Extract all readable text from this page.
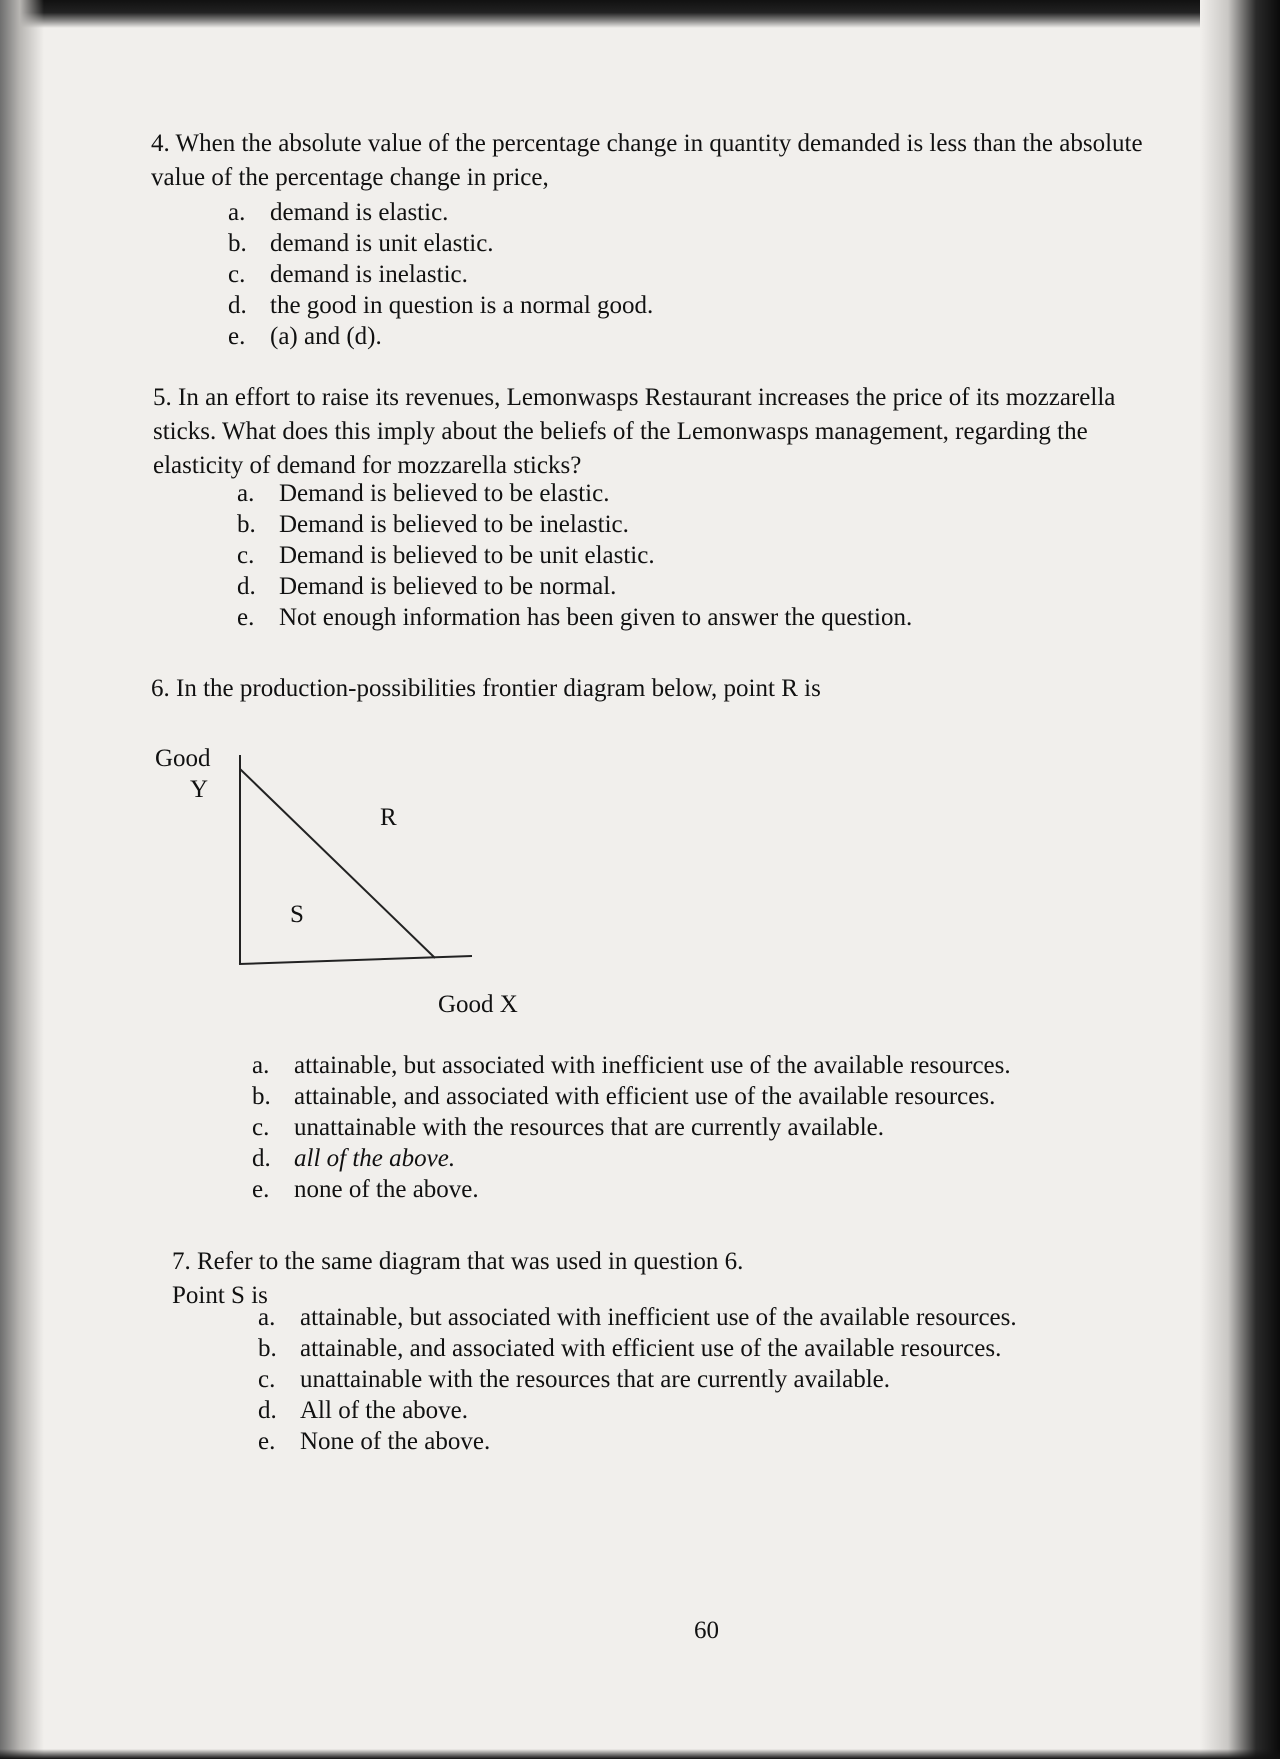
4. When the absolute value of the percentage change in quantity demanded is less than the absolute value of the percentage change in price,
a. demand is elastic.
b. demand is unit elastic.
c. demand is inelastic.
d. the good in question is a normal good.
e. (a) and (d).
5. In an effort to raise its revenues, Lemonwasps Restaurant increases the price of its mozzarella sticks. What does this imply about the beliefs of the Lemonwasps management, regarding the elasticity of demand for mozzarella sticks?
a. Demand is believed to be elastic.
b. Demand is believed to be inelastic.
c. Demand is believed to be unit elastic.
d. Demand is believed to be normal.
e. Not enough information has been given to answer the question.
6. In the production-possibilities frontier diagram below, point R is
Good
Y
R
S
Good X
a. attainable, but associated with inefficient use of the available resources.
b. attainable, and associated with efficient use of the available resources.
c. unattainable with the resources that are currently available.
d. all of the above.
e. none of the above.
7. Refer to the same diagram that was used in question 6.
Point S is
a. attainable, but associated with inefficient use of the available resources.
b. attainable, and associated with efficient use of the available resources.
c. unattainable with the resources that are currently available.
d. All of the above.
e. None of the above.
60
